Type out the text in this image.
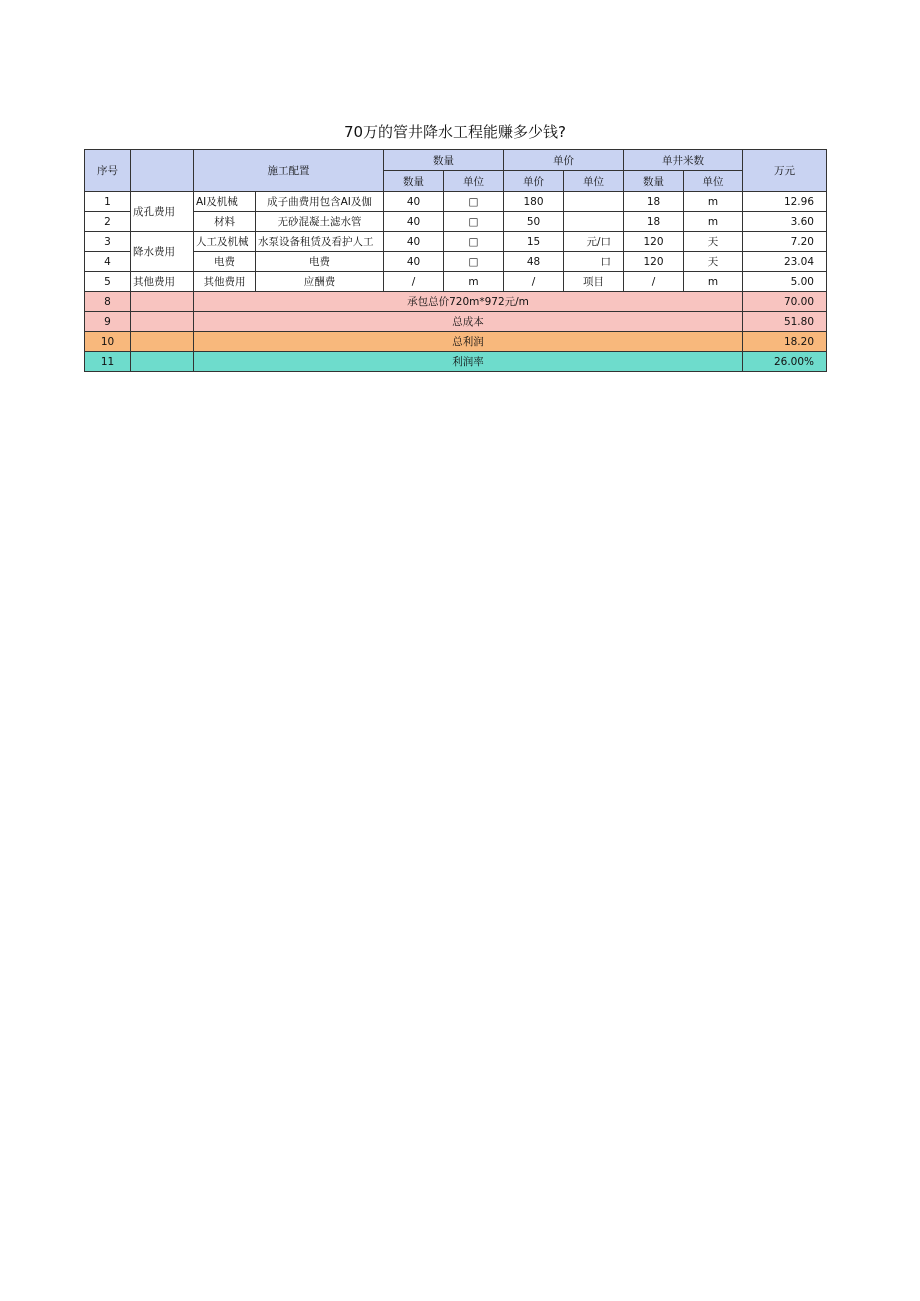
70万的管井降水工程能赚多少钱?
序号		施工配置		数量		单价		单井米数		万元
				数量	单位	单价	单位	数量	单位	
1	成孔费用	AI及机械	成子曲费用包含AI及伽	40	□	180		18	m	12.96
2		材料	无砂混凝土滤水管	40	□	50		18	m	3.60
3	降水费用	人工及机械	水泵设备租赁及看护人工	40	□	15	元/口	120	天	7.20
4		电费	电费	40	□	48	口	120	天	23.04
5	其他费用	其他费用	应酬费	/	m	/	项目	/	m	5.00
8		承包总价720m*972元/m								70.00
9		总成本								51.80
10		总利润								18.20
11		利润率								26.00%
